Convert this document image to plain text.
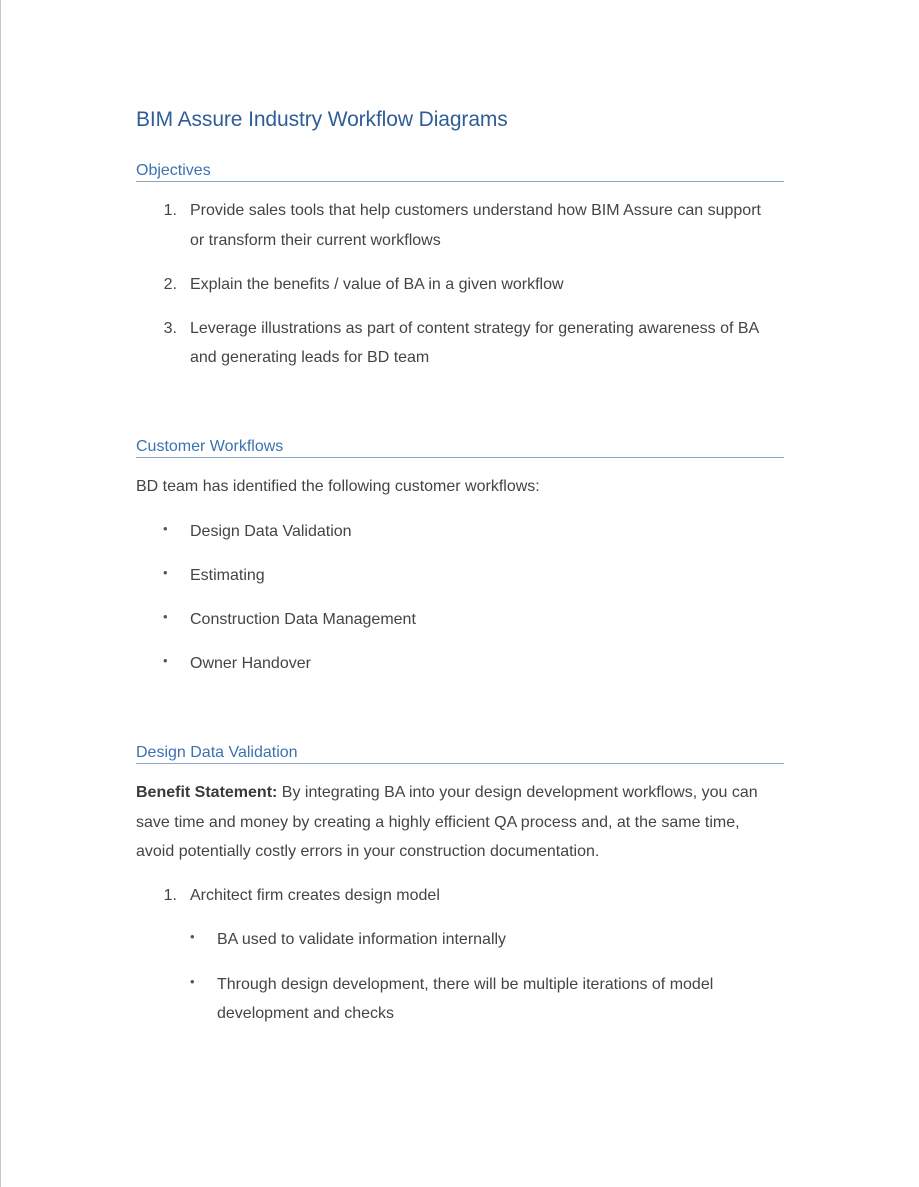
BIM Assure Industry Workflow Diagrams
Objectives
1. Provide sales tools that help customers understand how BIM Assure can support
or transform their current workflows
2. Explain the benefits / value of BA in a given workflow
3. Leverage illustrations as part of content strategy for generating awareness of BA
and generating leads for BD team
Customer Workflows
BD team has identified the following customer workflows:
• Design Data Validation
• Estimating
• Construction Data Management
• Owner Handover
Design Data Validation
Benefit Statement: By integrating BA into your design development workflows, you can
save time and money by creating a highly efficient QA process and, at the same time,
avoid potentially costly errors in your construction documentation.
1. Architect firm creates design model
• BA used to validate information internally
• Through design development, there will be multiple iterations of model
development and checks
